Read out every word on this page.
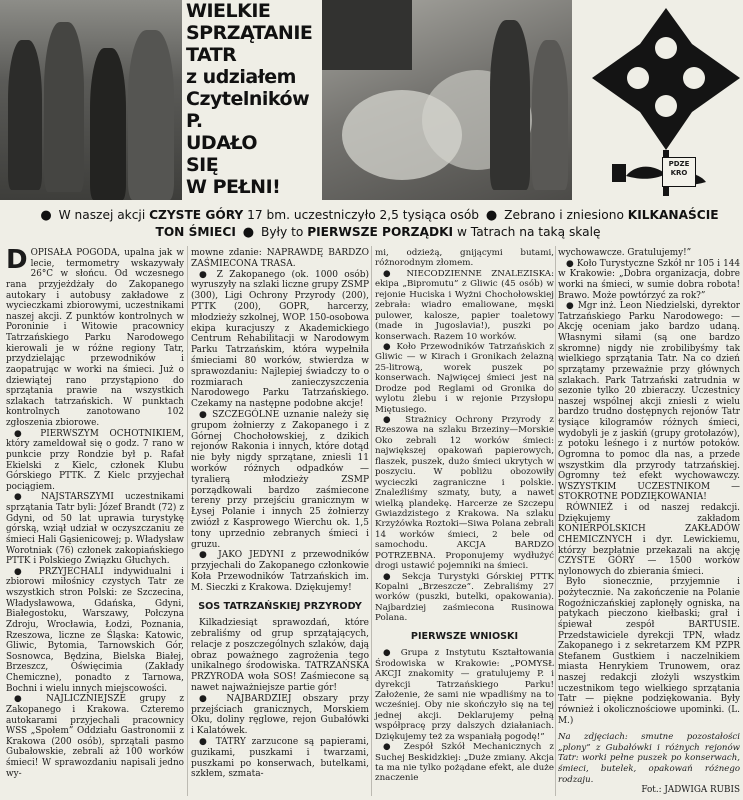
WIELKIE
SPRZĄTANIE
TATR
z udziałem
Czytelników P.
UDAŁO
SIĘ
W PEŁNI!
PDZE
KRO
● W naszej akcji CZYSTE GÓRY 17 bm. uczestniczyło 2,5 tysiąca osób ● Zebrano i zniesiono KILKANAŚCIE TON ŚMIECI ● Były to PIERWSZE PORZĄDKI w Tatrach na taką skalę

DOPISAŁA POGODA, upalna jak w lecie, termometry wskazywały 26°C w słońcu. Od wczesnego rana przyjeżdżały do Zakopanego autokary i autobusy zakładowe z wycieczkami zbiorowymi, uczestnikami naszej akcji. Z punktów kontrolnych w Poroninie i Witowie pracownicy Tatrzańskiego Parku Narodowego kierowali je w różne regiony Tatr, przydzielając przewodników i zaopatrując w worki na śmieci. Już o dziewiątej rano przystąpiono do sprzątania prawie na wszystkich szlakach tatrzańskich. W punktach kontrolnych zanotowano 102 zgłoszenia zbiorowe.

● PIERWSZYM OCHOTNIKIEM, który zameldował się o godz. 7 rano w punkcie przy Rondzie był p. Rafał Ekielski z Kielc, członek Klubu Górskiego PTTK. Z Kielc przyjechał pociągiem.

● NAJSTARSZYMI uczestnikami sprzątania Tatr byli: Józef Brandt (72) z Gdyni, od 50 lat uprawia turystykę górską, wziął udział w oczyszczaniu ze śmieci Hali Gąsienicowej; p. Władysław Worotniak (76) członek zakopiańskiego PTTK i Polskiego Związku Głuchych.

● PRZYJECHALI indywidualni i zbiorowi miłośnicy czystych Tatr ze wszystkich stron Polski: ze Szczecina, Władysławowa, Gdańska, Gdyni, Białegostoku, Warszawy, Połczyna Zdroju, Wrocławia, Łodzi, Poznania, Rzeszowa, liczne ze Śląska: Katowic, Gliwic, Bytomia, Tarnowskich Gór, Sosnowca, Będzina, Bielska Białej, Brzeszcz, Oświęcimia (Zakłady Chemiczne), ponadto z Tarnowa, Bochni i wielu innych miejscowości.

● NAJLICZNIEJSZE grupy z Zakopanego i Krakowa. Czteremo autokarami przyjechali pracownicy WSS „Społem” Oddziału Gastronomii z Krakowa (200 osób), sprzątali pasmo Gubałowskie, zebrali aż 100 worków śmieci! W sprawozdaniu napisali jedno wy-

mowne zdanie: NAPRAWDĘ BARDZO ZAŚMIECONA TRASA.

● Z Zakopanego (ok. 1000 osób) wyruszyły na szlaki liczne grupy ZSMP (300), Ligi Ochrony Przyrody (200), PTTK (200), GOPR, harcerzy, młodzieży szkolnej, WOP. 150-osobowa ekipa kuracjuszy z Akademickiego Centrum Rehabilitacji w Narodowym Parku Tatrzańskim, która wypełniła śmieciami 80 worków, stwierdza w sprawozdaniu: Najlepiej świadczy to o rozmiarach zanieczyszczenia Narodowego Parku Tatrzańskiego. Czekamy na następne podobne akcje!

● SZCZEGÓLNE uznanie należy się grupom żołnierzy z Zakopanego i z Górnej Chochołowskiej, z dzikich rejonów Rakonia i innych, które dotąd nie były nigdy sprzątane, zniesli 11 worków różnych odpadków — tyralierą młodzieży ZSMP porządkowali bardzo zaśmiecone tereny przy przejściu granicznym w Łysej Polanie i innych 25 żołnierzy zwiózł z Kasprowego Wierchu ok. 1,5 tony uprzednio zebranych śmieci i gruzu.

● JAKO JEDYNI z przewodników przyjechali do Zakopanego członkowie Koła Przewodników Tatrzańskich im. M. Sieczki z Krakowa. Dziękujemy!

SOS TATRZAŃSKIEJ PRZYRODY

Kilkadziesiąt sprawozdań, które zebraliśmy od grup sprzątających, relacje z poszczególnych szlaków, dają obraz poważnego zagrożenia tego unikalnego środowiska. TATRZAŃSKA PRZYRODA woła SOS! Zaśmiecone są nawet najważniejsze partie gór!

● NAJBARDZIEJ obszary przy przejściach granicznych, Morskiem Oku, doliny ręglowe, rejon Gubałówki i Kalatówek.

● TATRY zarzucone są papierami, guzikami, puszkami i twarzami, puszkami po konserwach, butelkami, szkłem, szmata-

mi, odzieżą, gnijącymi butami, różnorodnym złomem.

● NIECODZIENNE ZNALEZISKA: ekipa „Bipromutu” z Gliwic (45 osób) w rejonie Huciska i Wyżni Chochołowskiej zebrała: wiadro emaliowane, męski pulower, kalosze, papier toaletowy (made in Jugoslavia!), puszki po konserwach. Razem 10 worków.

● Koło Przewodników Tatrzańskich z Gliwic — w Kirach i Gronikach żelazną 25-litrową, worek puszek po konserwach. Najwięcej śmieci jest na Drodze pod Reglami od Gronika do wylotu żlebu i w rejonie Przysłopu Miętusiego.

● Strażnicy Ochrony Przyrody z Rzeszowa na szlaku Brzeziny—Morskie Oko zebrali 12 worków śmieci: największej opakowań papierowych, flaszek, puszek, dużo śmieci ukrytych w poszyciu. W pobliżu obozowiły wycieczki zagraniczne i polskie. Znaleźliśmy szmaty, buty, a nawet wielką plandekę. Harcerze ze Szczepu Gwiazdzistego z Krakowa. Na szlaku Krzyżówka Roztoki—Siwa Polana zebrali 14 worków śmieci, 2 bele od samochodu. AKCJA BARDZO POTRZEBNA. Proponujemy wydłużyć drogi ustawić pojemniki na śmieci.

● Sekcja Turystyki Górskiej PTTK Kopalni „Brzeszcze”. Zebraliśmy 27 worków (puszki, butelki, opakowania). Najbardziej zaśmiecona Rusinowa Polana.

PIERWSZE WNIOSKI

● Grupa z Instytutu Kształtowania Środowiska w Krakowie: „POMYSŁ AKCJI znakomity — gratulujemy P. i dyrekcji Tatrzańskiego Parku! Założenie, że sami nie wpadliśmy na to wcześniej. Oby nie skończyło się na tej jednej akcji. Deklarujemy pełną współpracę przy dalszych działaniach. Dziękujemy też za wspaniałą pogodę!”

● Zespół Szkół Mechanicznych z Suchej Beskidzkiej: „Duże zmiany. Akcja ta ma nie tylko pożądane efekt, ale duże znaczenie

wychowawcze. Gratulujemy!”

● Koło Turystyczne Szkół nr 105 i 144 w Krakowie: „Dobra organizacja, dobre worki na śmieci, w sumie dobra robota! Brawo. Może powtórzyć za rok?”

● Mgr inż. Leon Niedzielski, dyrektor Tatrzańskiego Parku Narodowego: — Akcję oceniam jako bardzo udaną. Własnymi siłami (są one bardzo skromne) nigdy nie zrobilibyśmy tak wielkiego sprzątania Tatr. Na co dzień sprzątamy przeważnie przy głównych szlakach. Park Tatrzański zatrudnia w sezonie tylko 20 zbieraczy. Uczestnicy naszej wspólnej akcji zniesli z wielu bardzo trudno dostępnych rejonów Tatr tysiące kilogramów różnych śmieci, wydobyli je z jaskiń (grupy grotołazów), z potoku leśnego i z nurtów potoków. Ogromna to pomoc dla nas, a przede wszystkim dla przyrody tatrzańskiej. Ogromny też efekt wychowawczy. WSZYSTKIM UCZESTNIKOM — STOKROTNE PODZIĘKOWANIA!

RÓWNIEŻ i od naszej redakcji. Dziękujemy zakładom KONIERPOLSKICH ZAKŁADÓW CHEMICZNYCH i dyr. Lewickiemu, którzy bezpłatnie przekazali na akcję CZYSTE GÓRY — 1500 worków nylonowych do zbierania śmieci.

Było sionecznie, przyjemnie i pożytecznie. Na zakończenie na Polanie Rogoźniczańskiej zapłonęły ogniska, na patykach pieczono kiełbaski; grał i śpiewał zespół BARTUSIE. Przedstawiciele dyrekcji TPN, władz Zakopanego i z sekretarzem KM PZPR Stefanem Gustkiem i naczelnikiem miasta Henrykiem Trunowem, oraz naszej redakcji złożyli wszystkim uczestnikom tego wielkiego sprzątania Tatr — piękne podziękowania. Były również i okolicznościowe upominki. (L. M.)

Na zdjęciach: smutne pozostałości „plony” z Gubałówki i różnych rejonów Tatr: worki pełne puszek po konserwach, śmieci, butelek, opakowań różnego rodzaju.

Fot.: JADWIGA RUBIS
